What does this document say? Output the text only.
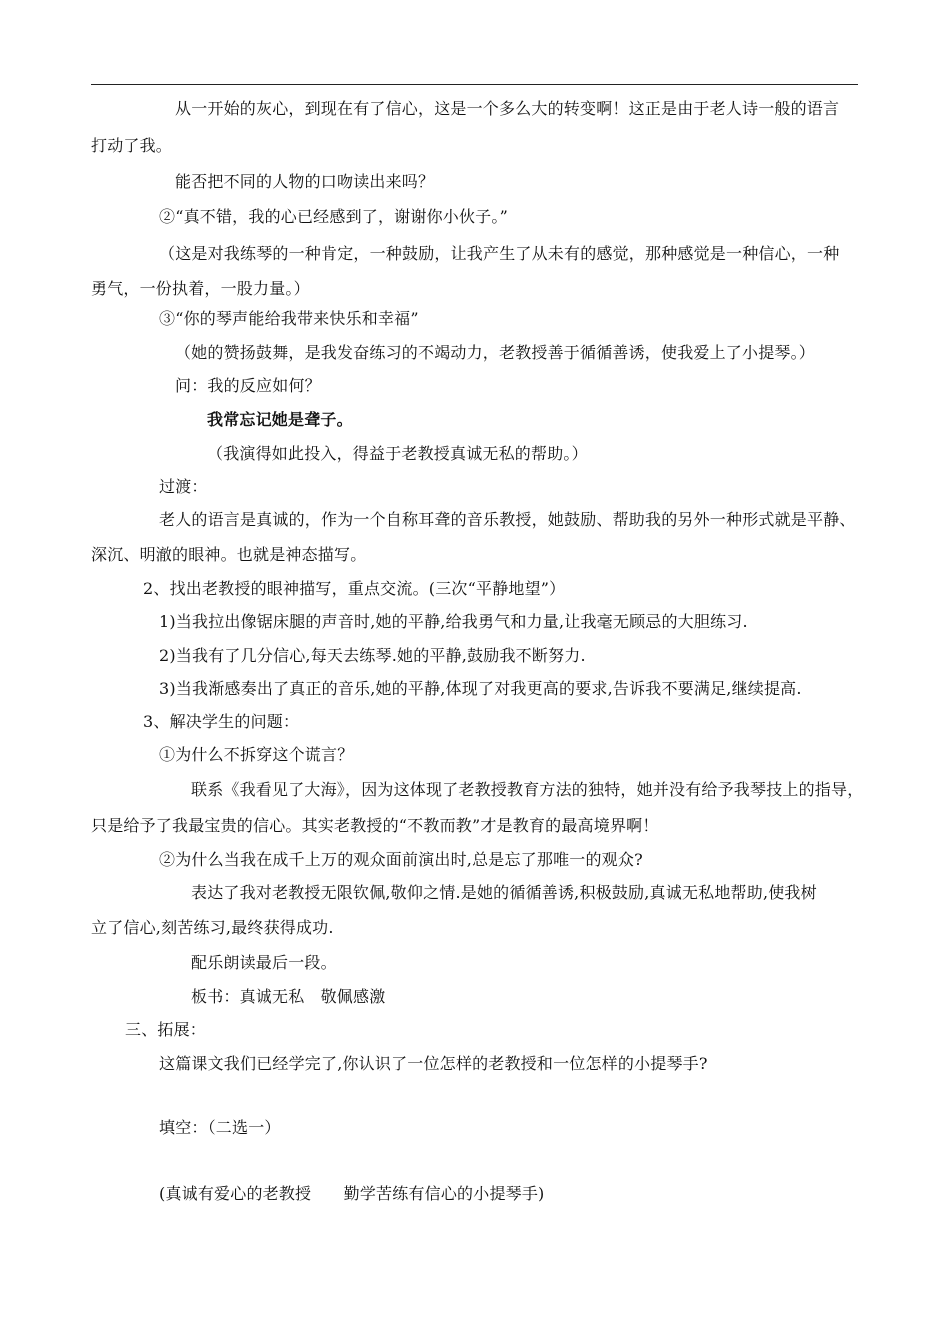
从一开始的灰心，到现在有了信心，这是一个多么大的转变啊！这正是由于老人诗一般的语言
打动了我。
能否把不同的人物的口吻读出来吗？
②“真不错，我的心已经感到了，谢谢你小伙子。”
（这是对我练琴的一种肯定，一种鼓励，让我产生了从未有的感觉，那种感觉是一种信心，一种
勇气，一份执着，一股力量。）
③“你的琴声能给我带来快乐和幸福”
（她的赞扬鼓舞，是我发奋练习的不竭动力，老教授善于循循善诱，使我爱上了小提琴。）
问：我的反应如何？
我常忘记她是聋子。
（我演得如此投入，得益于老教授真诚无私的帮助。）
过渡：
老人的语言是真诚的，作为一个自称耳聋的音乐教授，她鼓励、帮助我的另外一种形式就是平静、
深沉、明澈的眼神。也就是神态描写。
2、找出老教授的眼神描写，重点交流。(三次“平静地望”）
1)当我拉出像锯床腿的声音时,她的平静,给我勇气和力量,让我毫无顾忌的大胆练习.
2)当我有了几分信心,每天去练琴.她的平静,鼓励我不断努力.
3)当我渐感奏出了真正的音乐,她的平静,体现了对我更高的要求,告诉我不要满足,继续提高.
3、解决学生的问题：
①为什么不拆穿这个谎言？
联系《我看见了大海》，因为这体现了老教授教育方法的独特，她并没有给予我琴技上的指导，
只是给予了我最宝贵的信心。其实老教授的“不教而教”才是教育的最高境界啊！
②为什么当我在成千上万的观众面前演出时,总是忘了那唯一的观众?
表达了我对老教授无限钦佩,敬仰之情.是她的循循善诱,积极鼓励,真诚无私地帮助,使我树
立了信心,刻苦练习,最终获得成功.
配乐朗读最后一段。
板书：真诚无私　敬佩感激
三、拓展：
这篇课文我们已经学完了,你认识了一位怎样的老教授和一位怎样的小提琴手?
填空：（二选一）
(真诚有爱心的老教授　　勤学苦练有信心的小提琴手)
